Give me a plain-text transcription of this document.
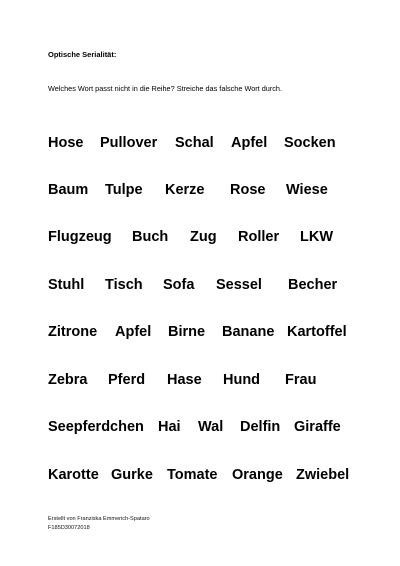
Optische Serialität:
Welches Wort passt nicht in die Reihe? Streiche das falsche Wort durch.
Hose Pullover Schal Apfel Socken
Baum Tulpe Kerze Rose Wiese
Flugzeug Buch Zug Roller LKW
Stuhl Tisch Sofa Sessel Becher
Zitrone Apfel Birne Banane Kartoffel
Zebra Pferd Hase Hund Frau
Seepferdchen Hai Wal Delfin Giraffe
Karotte Gurke Tomate Orange Zwiebel
Erstellt von Franziska Emmerich-Spataro
F185D30072018
